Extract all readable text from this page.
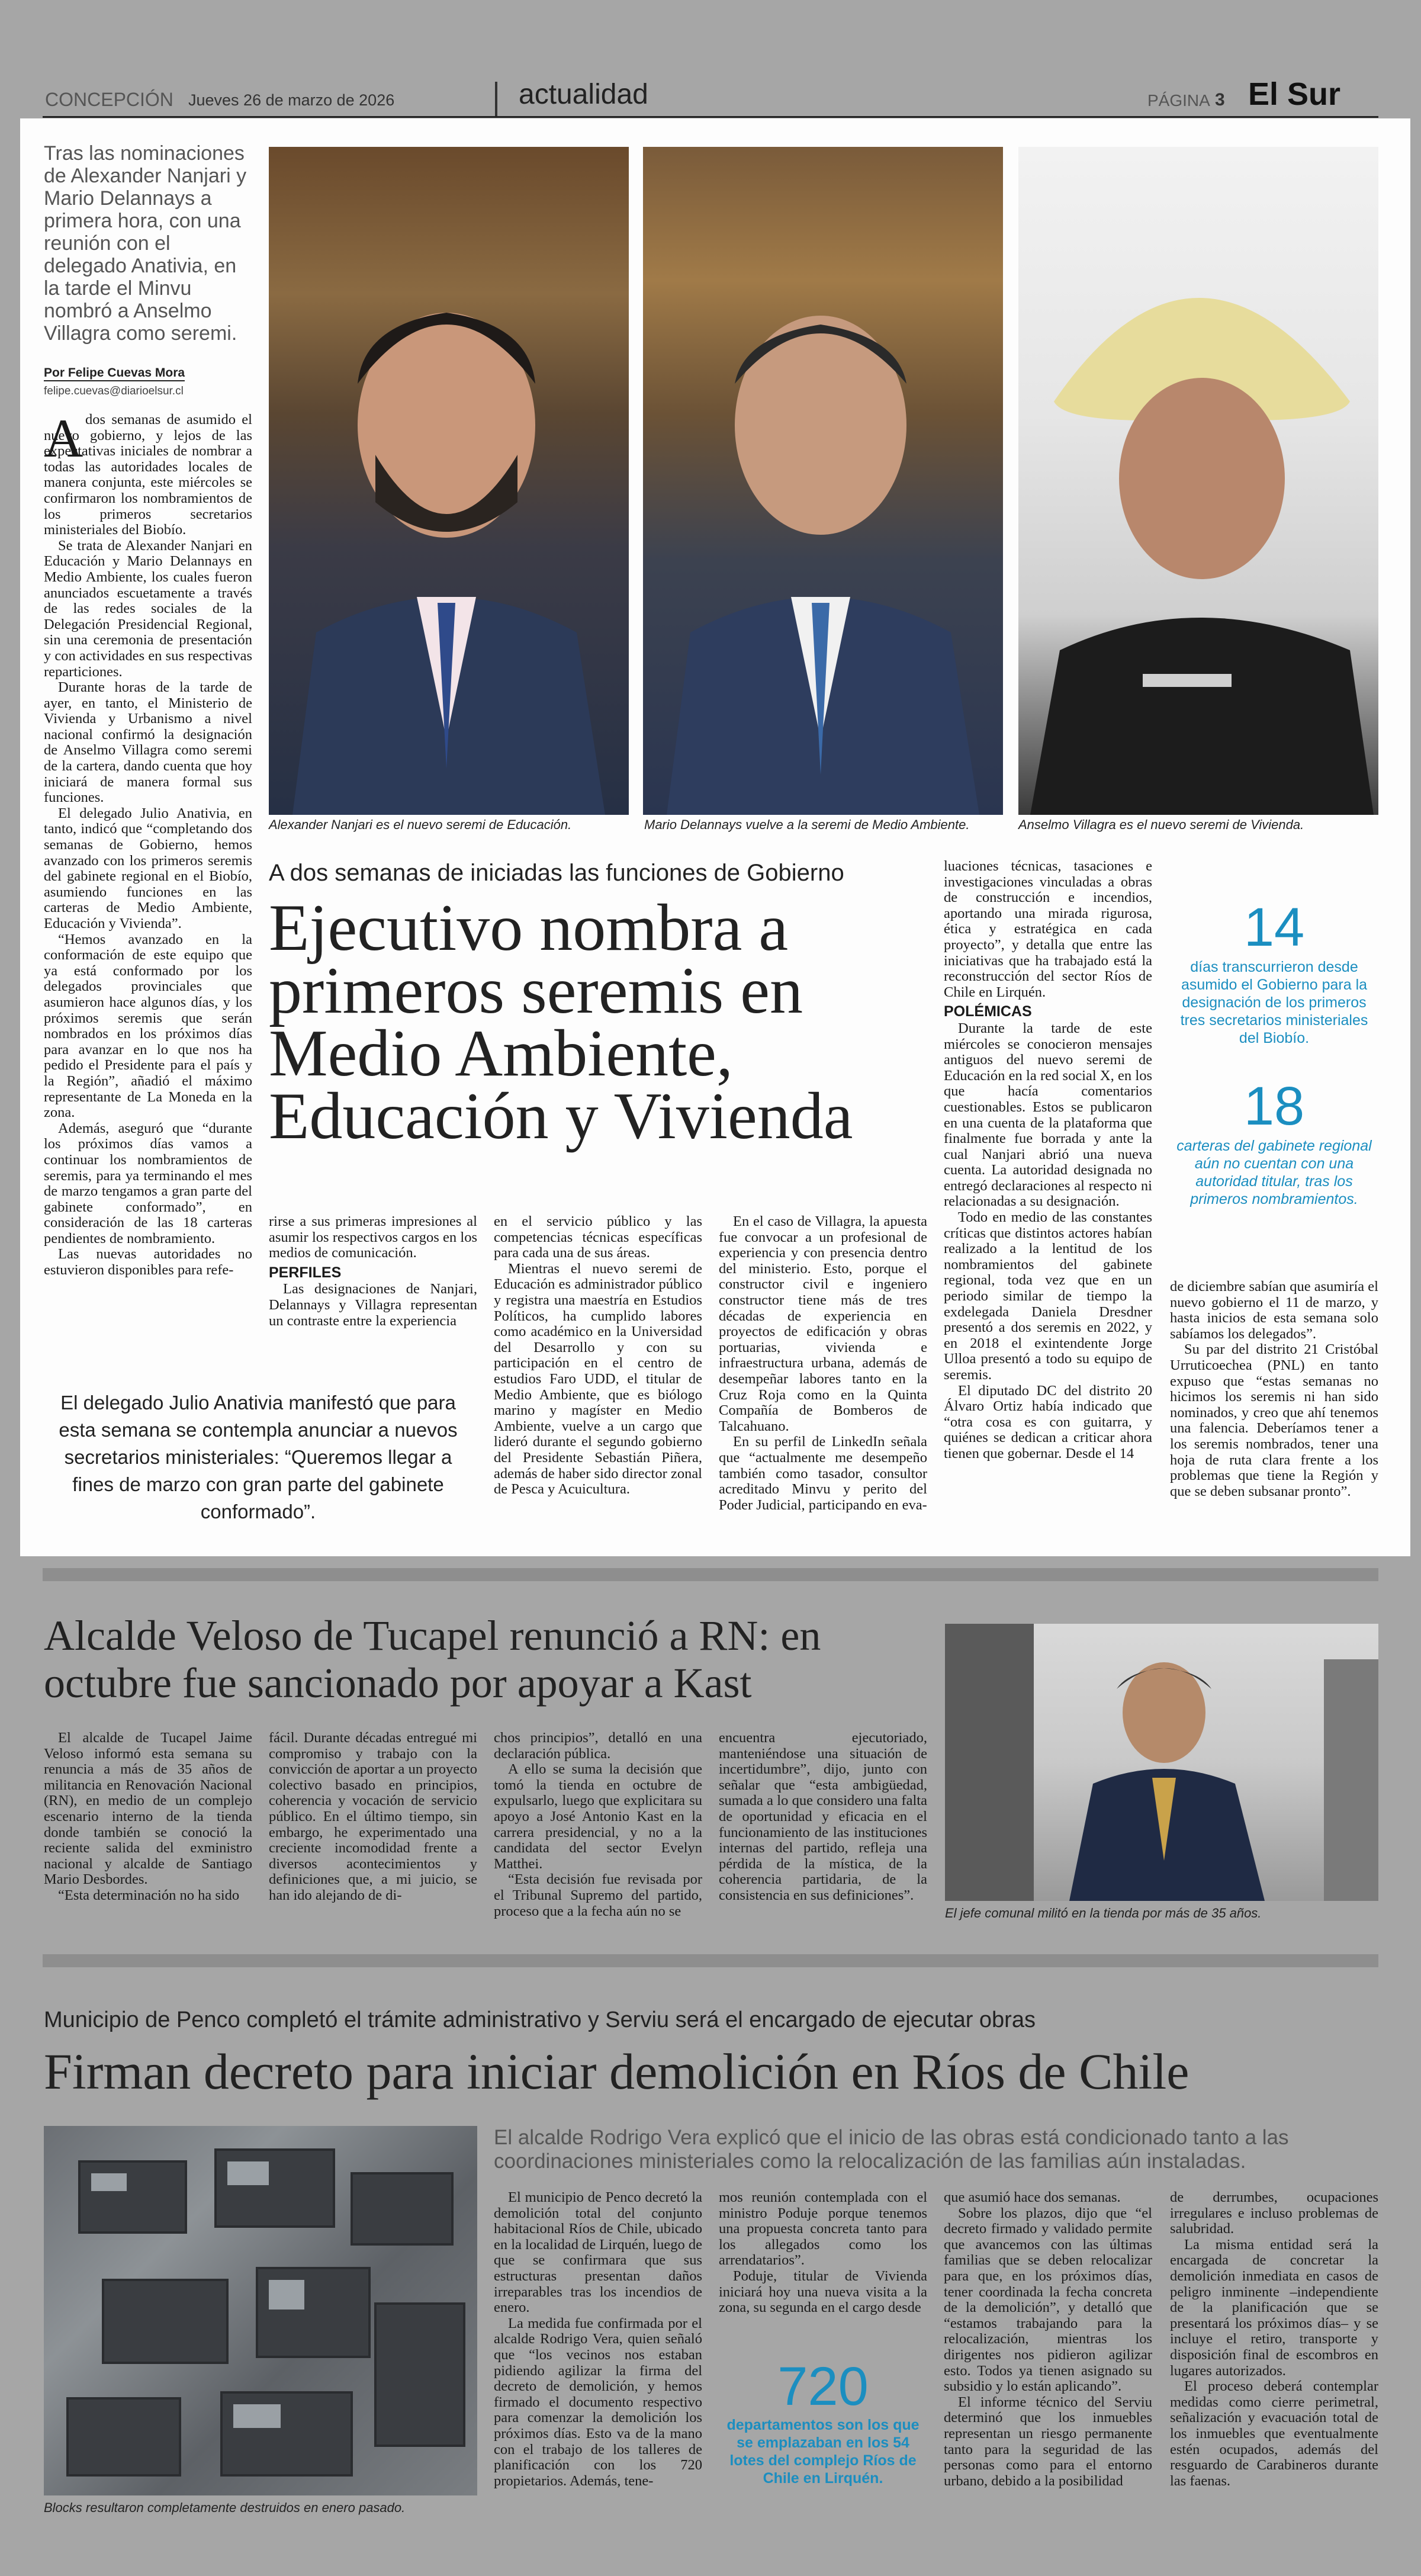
CONCEPCIÓN Jueves 26 de marzo de 2026	actualidad	PÁGINA 3 El Sur
Tras las nominaciones de Alexander Nanjari y Mario Delannays a primera hora, con una reunión con el delegado Anativia, en la tarde el Minvu nombró a Anselmo Villagra como seremi.
Por Felipe Cuevas Mora
felipe.cuevas@diarioelsur.cl
A dos semanas de asumido el nuevo gobierno, y lejos de las expectativas iniciales de nombrar a todas las autoridades locales de manera conjunta, este miércoles se confirmaron los nombramientos de los primeros secretarios ministeriales del Biobío.

Se trata de Alexander Nanjari en Educación y Mario Delannays en Medio Ambiente, los cuales fueron anunciados escuetamente a través de las redes sociales de la Delegación Presidencial Regional, sin una ceremonia de presentación y con actividades en sus respectivas reparticiones.

Durante horas de la tarde de ayer, en tanto, el Ministerio de Vivienda y Urbanismo a nivel nacional confirmó la designación de Anselmo Villagra como seremi de la cartera, dando cuenta que hoy iniciará de manera formal sus funciones.

El delegado Julio Anativia, en tanto, indicó que “completando dos semanas de Gobierno, hemos avanzado con los primeros seremis del gabinete regional en el Biobío, asumiendo funciones en las carteras de Medio Ambiente, Educación y Vivienda”.

“Hemos avanzado en la conformación de este equipo que ya está conformado por los delegados provinciales que asumieron hace algunos días, y los próximos seremis que serán nombrados en los próximos días para avanzar en lo que nos ha pedido el Presidente para el país y la Región”, añadió el máximo representante de La Moneda en la zona.

Además, aseguró que “durante los próximos días vamos a continuar los nombramientos de seremis, para ya terminando el mes de marzo tengamos a gran parte del gabinete conformado”, en consideración de las 18 carteras pendientes de nombramiento.

Las nuevas autoridades no estuvieron disponibles para refe-

Alexander Nanjari es el nuevo seremi de Educación.	Mario Delannays vuelve a la seremi de Medio Ambiente.	Anselmo Villagra es el nuevo seremi de Vivienda.
A dos semanas de iniciadas las funciones de Gobierno
Ejecutivo nombra a primeros seremis en Medio Ambiente, Educación y Vivienda

rirse a sus primeras impresiones al asumir los respectivos cargos en los medios de comunicación.

PERFILES

Las designaciones de Nanjari, Delannays y Villagra representan un contraste entre la experiencia

en el servicio público y las competencias técnicas específicas para cada una de sus áreas.

Mientras el nuevo seremi de Educación es administrador público y registra una maestría en Estudios Políticos, ha cumplido labores como académico en la Universidad del Desarrollo y con su participación en el centro de estudios Faro UDD, el titular de Medio Ambiente, que es biólogo marino y magíster en Medio Ambiente, vuelve a un cargo que lideró durante el segundo gobierno del Presidente Sebastián Piñera, además de haber sido director zonal de Pesca y Acuicultura.

En el caso de Villagra, la apuesta fue convocar a un profesional de experiencia y con presencia dentro del ministerio. Esto, porque el constructor civil e ingeniero constructor tiene más de tres décadas de experiencia en proyectos de edificación y obras portuarias, vivienda e infraestructura urbana, además de desempeñar labores tanto en la Cruz Roja como en la Quinta Compañía de Bomberos de Talcahuano.

En su perfil de LinkedIn señala que “actualmente me desempeño también como tasador, consultor acreditado Minvu y perito del Poder Judicial, participando en eva-

luaciones técnicas, tasaciones e investigaciones vinculadas a obras de construcción e incendios, aportando una mirada rigurosa, ética y estratégica en cada proyecto”, y detalla que entre las iniciativas que ha trabajado está la reconstrucción del sector Ríos de Chile en Lirquén.

POLÉMICAS

Durante la tarde de este miércoles se conocieron mensajes antiguos del nuevo seremi de Educación en la red social X, en los que hacía comentarios cuestionables. Estos se publicaron en una cuenta de la plataforma que finalmente fue borrada y ante la cual Nanjari abrió una nueva cuenta. La autoridad designada no entregó declaraciones al respecto ni relacionadas a su designación.

Todo en medio de las constantes críticas que distintos actores habían realizado a la lentitud de los nombramientos del gabinete regional, toda vez que en un periodo similar de tiempo la exdelegada Daniela Dresdner presentó a dos seremis en 2022, y en 2018 el exintendente Jorge Ulloa presentó a todo su equipo de seremis.

El diputado DC del distrito 20 Álvaro Ortiz había indicado que “otra cosa es con guitarra, y quiénes se dedican a criticar ahora tienen que gobernar. Desde el 14

de diciembre sabían que asumiría el nuevo gobierno el 11 de marzo, y hasta inicios de esta semana solo sabíamos los delegados”.

Su par del distrito 21 Cristóbal Urruticoechea (PNL) en tanto expuso que “estas semanas no hicimos los seremis ni han sido nominados, y creo que ahí tenemos una falencia. Deberíamos tener a los seremis nombrados, tener una hoja de ruta clara frente a los problemas que tiene la Región y que se deben subsanar pronto”.

14
días transcurrieron desde asumido el Gobierno para la designación de los primeros tres secretarios ministeriales del Biobío.
18
carteras del gabinete regional aún no cuentan con una autoridad titular, tras los primeros nombramientos.
El delegado Julio Anativia manifestó que para esta semana se contempla anunciar a nuevos secretarios ministeriales: “Queremos llegar a fines de marzo con gran parte del gabinete conformado”.
Alcalde Veloso de Tucapel renunció a RN: en octubre fue sancionado por apoyar a Kast

El alcalde de Tucapel Jaime Veloso informó esta semana su renuncia a más de 35 años de militancia en Renovación Nacional (RN), en medio de un complejo escenario interno de la tienda donde también se conoció la reciente salida del exministro nacional y alcalde de Santiago Mario Desbordes.

“Esta determinación no ha sido

fácil. Durante décadas entregué mi compromiso y trabajo con la convicción de aportar a un proyecto colectivo basado en principios, coherencia y vocación de servicio público. En el último tiempo, sin embargo, he experimentado una creciente incomodidad frente a diversos acontecimientos y definiciones que, a mi juicio, se han ido alejando de di-

chos principios”, detalló en una declaración pública.

A ello se suma la decisión que tomó la tienda en octubre de expulsarlo, luego que explicitara su apoyo a José Antonio Kast en la carrera presidencial, y no a la candidata del sector Evelyn Matthei.

“Esta decisión fue revisada por el Tribunal Supremo del partido, proceso que a la fecha aún no se

encuentra ejecutoriado, manteniéndose una situación de incertidumbre”, dijo, junto con señalar que “esta ambigüedad, sumada a lo que considero una falta de oportunidad y eficacia en el funcionamiento de las instituciones internas del partido, refleja una pérdida de la mística, de la coherencia partidaria, de la consistencia en sus definiciones”.

El jefe comunal militó en la tienda por más de 35 años.
Municipio de Penco completó el trámite administrativo y Serviu será el encargado de ejecutar obras
Firman decreto para iniciar demolición en Ríos de Chile
Blocks resultaron completamente destruidos en enero pasado.
El alcalde Rodrigo Vera explicó que el inicio de las obras está condicionado tanto a las coordinaciones ministeriales como la relocalización de las familias aún instaladas.

El municipio de Penco decretó la demolición total del conjunto habitacional Ríos de Chile, ubicado en la localidad de Lirquén, luego de que se confirmara que sus estructuras presentan daños irreparables tras los incendios de enero.

La medida fue confirmada por el alcalde Rodrigo Vera, quien señaló que “los vecinos nos estaban pidiendo agilizar la firma del decreto de demolición, y hemos firmado el documento respectivo para comenzar la demolición los próximos días. Esto va de la mano con el trabajo de los talleres de planificación con los 720 propietarios. Además, tene-

mos reunión contemplada con el ministro Poduje porque tenemos una propuesta concreta tanto para los allegados como los arrendatarios”.

Poduje, titular de Vivienda iniciará hoy una nueva visita a la zona, su segunda en el cargo desde

720
departamentos son los que se emplazaban en los 54 lotes del complejo Ríos de Chile en Lirquén.

que asumió hace dos semanas.

Sobre los plazos, dijo que “el decreto firmado y validado permite que avancemos con las últimas familias que se deben relocalizar para que, en los próximos días, tener coordinada la fecha concreta de la demolición”, y detalló que “estamos trabajando para la relocalización, mientras los dirigentes nos pidieron agilizar esto. Todos ya tienen asignado su subsidio y lo están aplicando”.

El informe técnico del Serviu determinó que los inmuebles representan un riesgo permanente tanto para la seguridad de las personas como para el entorno urbano, debido a la posibilidad

de derrumbes, ocupaciones irregulares e incluso problemas de salubridad.

La misma entidad será la encargada de concretar la demolición inmediata en casos de peligro inminente –independiente de la planificación que se presentará los próximos días– y se incluye el retiro, transporte y disposición final de escombros en lugares autorizados.

El proceso deberá contemplar medidas como cierre perimetral, señalización y evacuación total de los inmuebles que eventualmente estén ocupados, además del resguardo de Carabineros durante las faenas.
